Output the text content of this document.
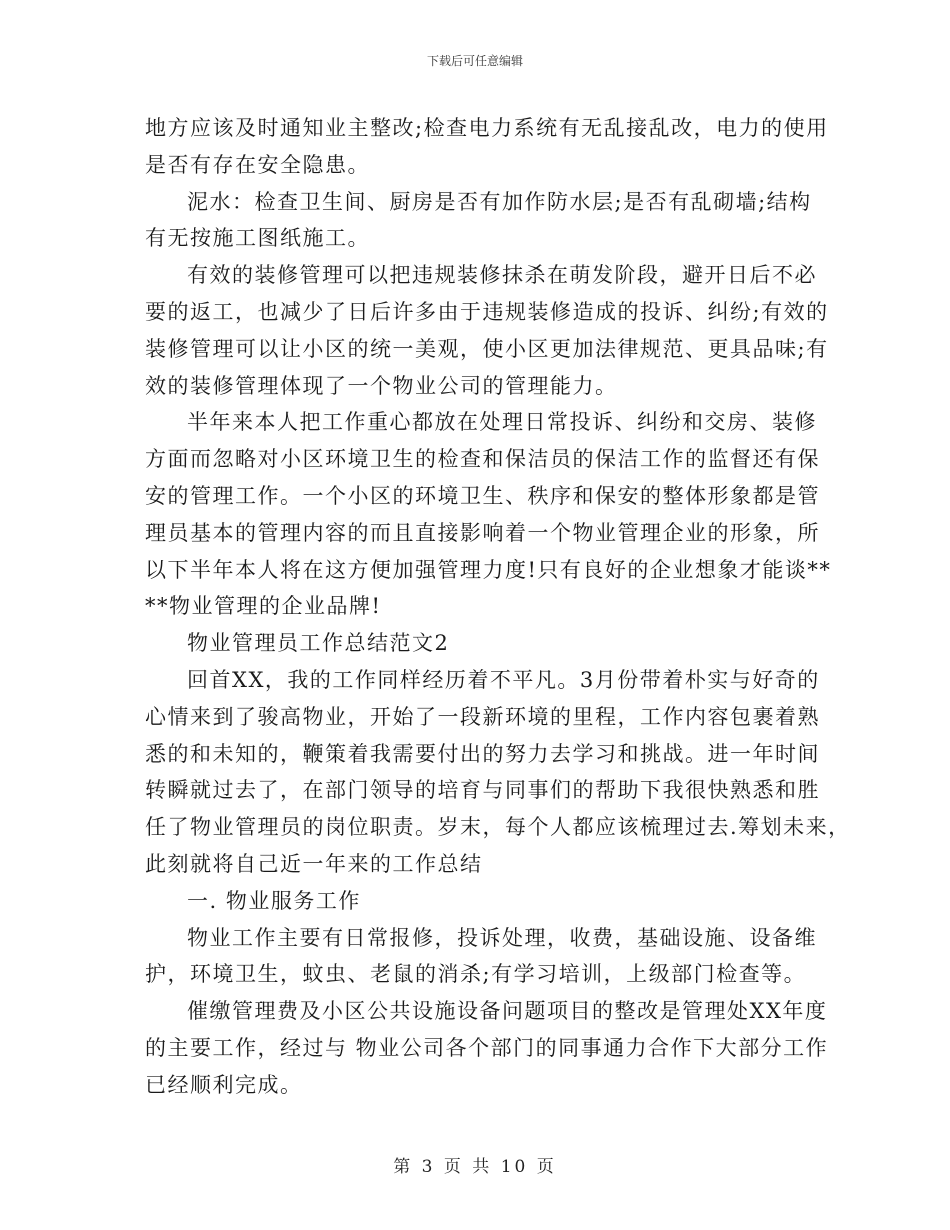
下载后可任意编辑
地方应该及时通知业主整改;检查电力系统有无乱接乱改，电力的使用
是否有存在安全隐患。
泥水：检查卫生间、厨房是否有加作防水层;是否有乱砌墙;结构
有无按施工图纸施工。
有效的装修管理可以把违规装修抹杀在萌发阶段，避开日后不必
要的返工，也减少了日后许多由于违规装修造成的投诉、纠纷;有效的
装修管理可以让小区的统一美观，使小区更加法律规范、更具品味;有
效的装修管理体现了一个物业公司的管理能力。
半年来本人把工作重心都放在处理日常投诉、纠纷和交房、装修
方面而忽略对小区环境卫生的检查和保洁员的保洁工作的监督还有保
安的管理工作。一个小区的环境卫生、秩序和保安的整体形象都是管
理员基本的管理内容的而且直接影响着一个物业管理企业的形象，所
以下半年本人将在这方便加强管理力度!只有良好的企业想象才能谈**
**物业管理的企业品牌!
物业管理员工作总结范文2
回首XX，我的工作同样经历着不平凡。3月份带着朴实与好奇的
心情来到了骏高物业，开始了一段新环境的里程，工作内容包裹着熟
悉的和未知的，鞭策着我需要付出的努力去学习和挑战。进一年时间
转瞬就过去了，在部门领导的培育与同事们的帮助下我很快熟悉和胜
任了物业管理员的岗位职责。岁末，每个人都应该梳理过去.筹划未来，
此刻就将自己近一年来的工作总结
一. 物业服务工作
物业工作主要有日常报修，投诉处理，收费，基础设施、设备维
护，环境卫生，蚊虫、老鼠的消杀;有学习培训，上级部门检查等。
催缴管理费及小区公共设施设备问题项目的整改是管理处XX年度
的主要工作，经过与 物业公司各个部门的同事通力合作下大部分工作
已经顺利完成。
第 3 页 共 10 页
